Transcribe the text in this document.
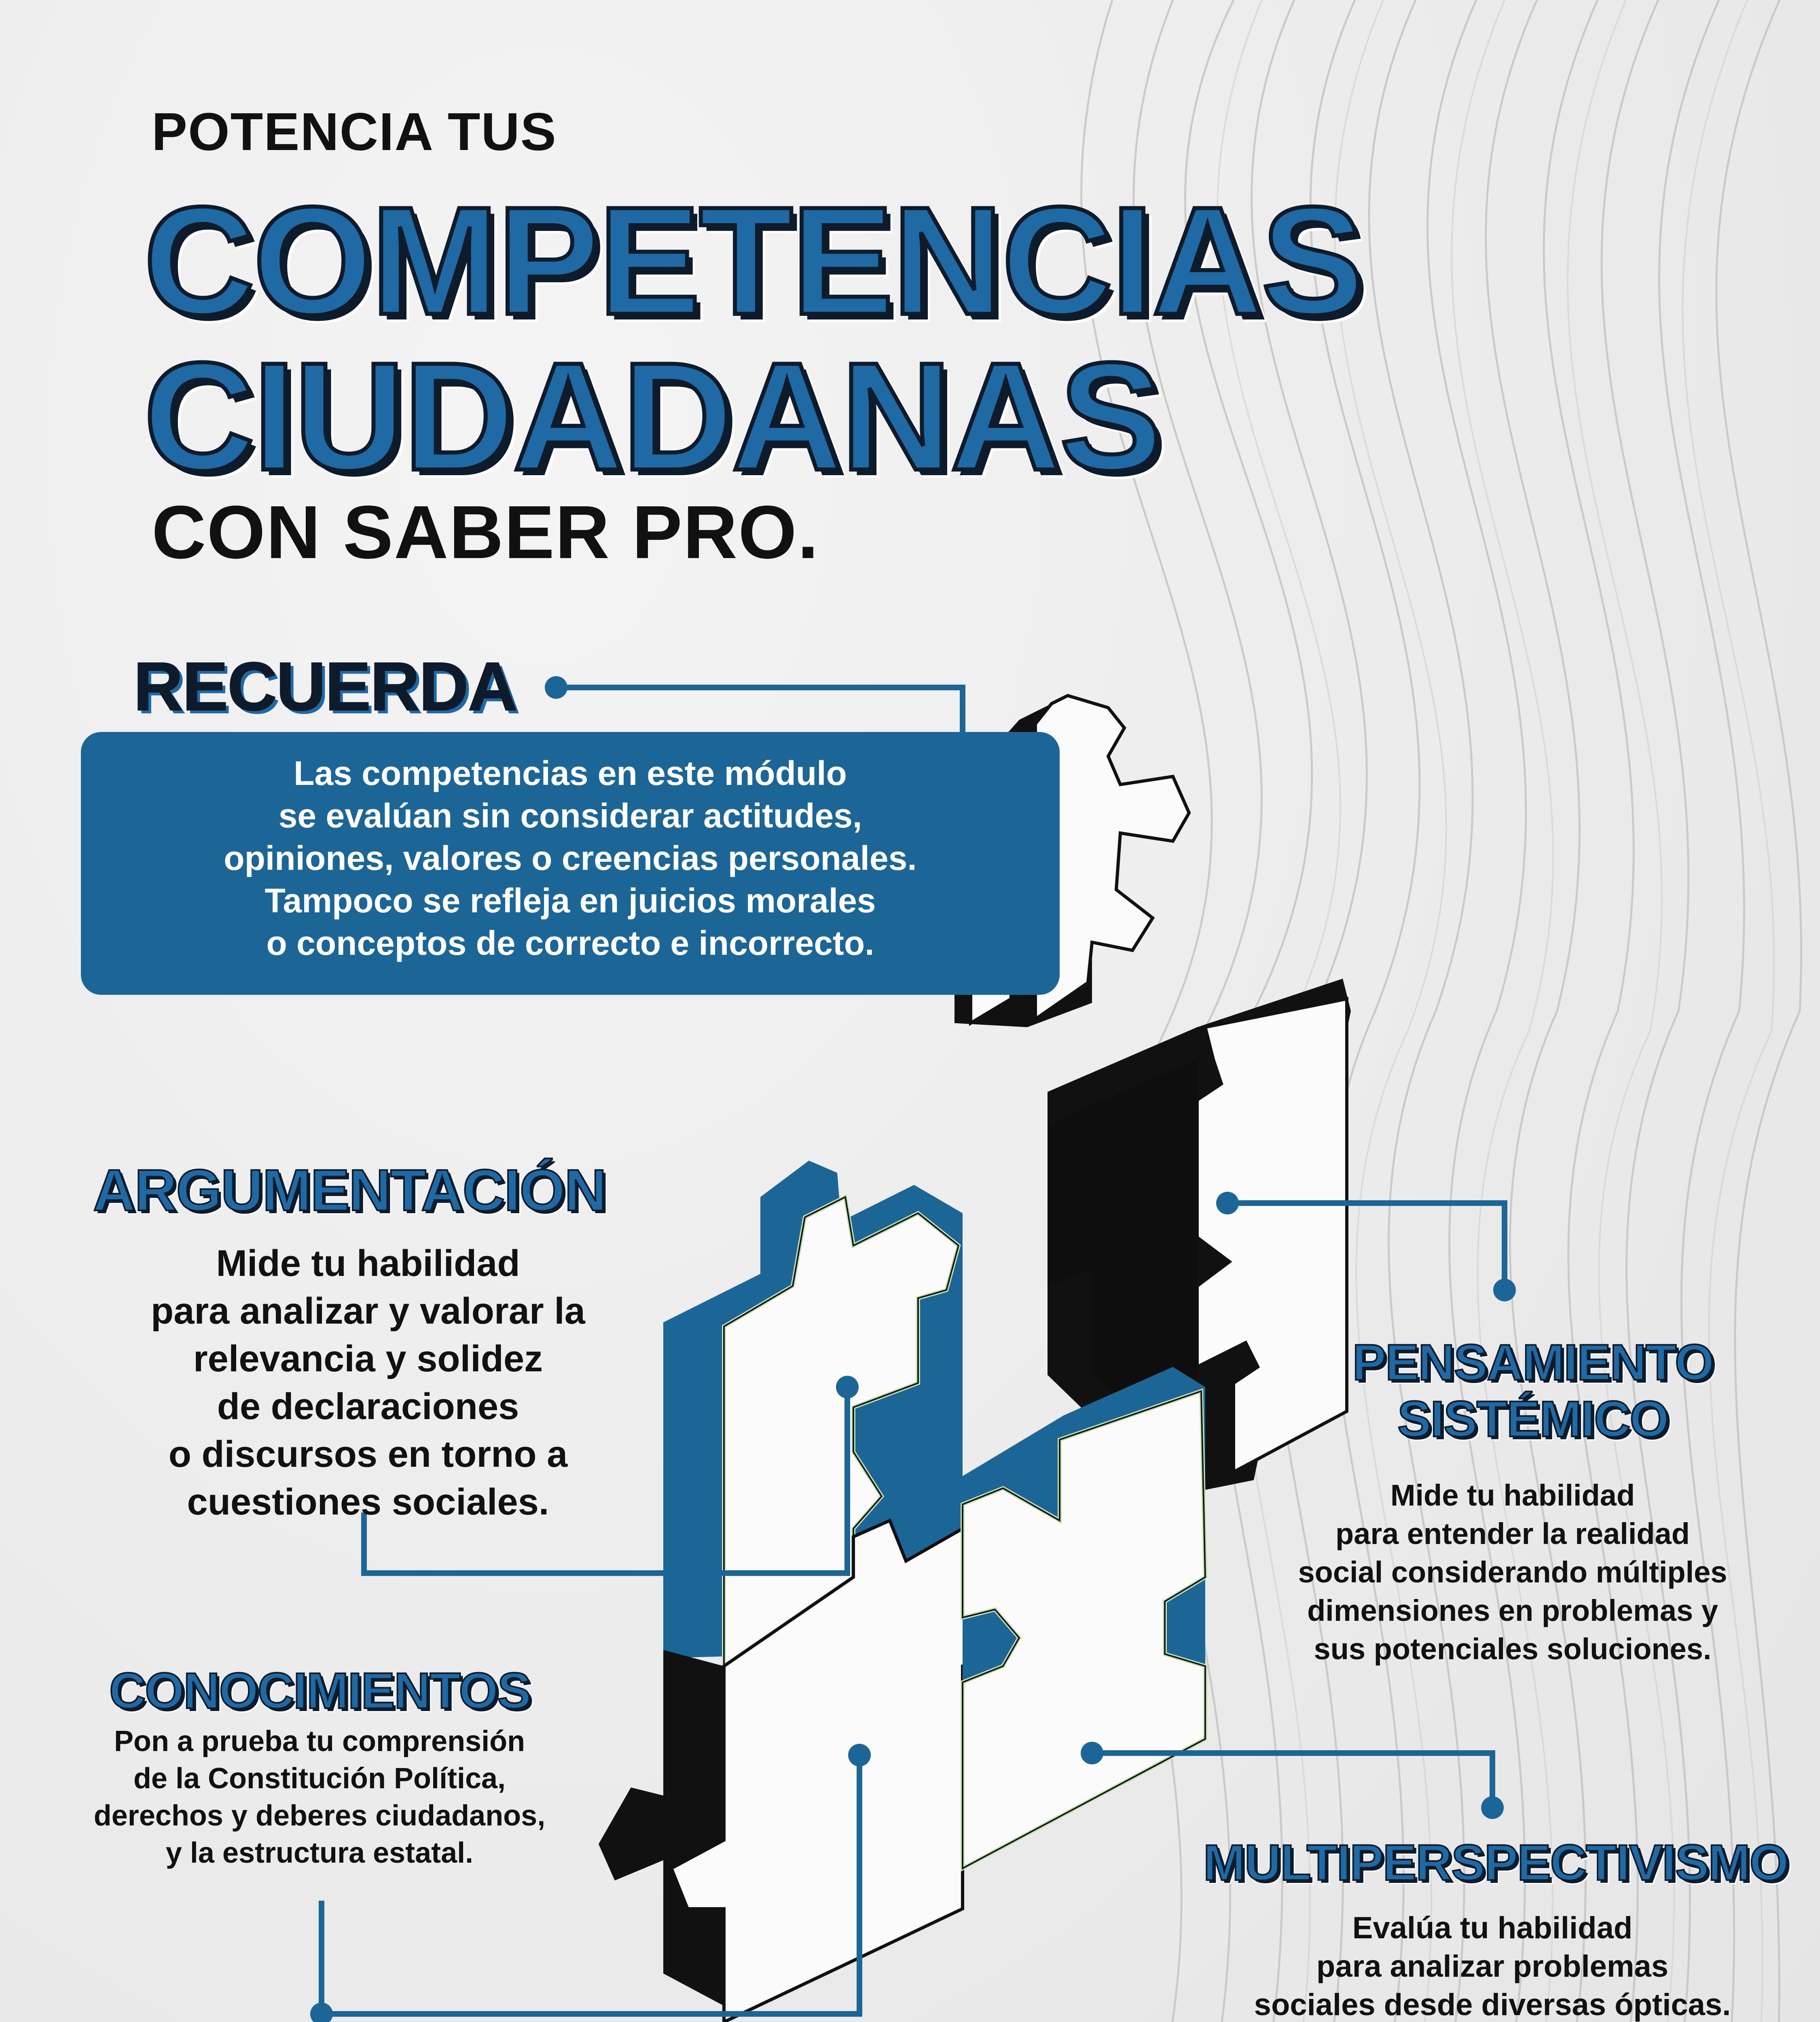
POTENCIA TUS
COMPETENCIAS
CIUDADANAS
CON SABER PRO.
RECUERDA
Las competencias en este módulo
se evalúan sin considerar actitudes,
opiniones, valores o creencias personales.
Tampoco se refleja en juicios morales
o conceptos de correcto e incorrecto.
ARGUMENTACIÓN
Mide tu habilidad
para analizar y valorar la
relevancia y solidez
de declaraciones
o discursos en torno a
cuestiones sociales.
PENSAMIENTO
SISTÉMICO
Mide tu habilidad
para entender la realidad
social considerando múltiples
dimensiones en problemas y
sus potenciales soluciones.
CONOCIMIENTOS
Pon a prueba tu comprensión
de la Constitución Política,
derechos y deberes ciudadanos,
y la estructura estatal.	MULTIPERSPECTIVISMO
Evalúa tu habilidad
para analizar problemas
sociales desde diversas ópticas.
